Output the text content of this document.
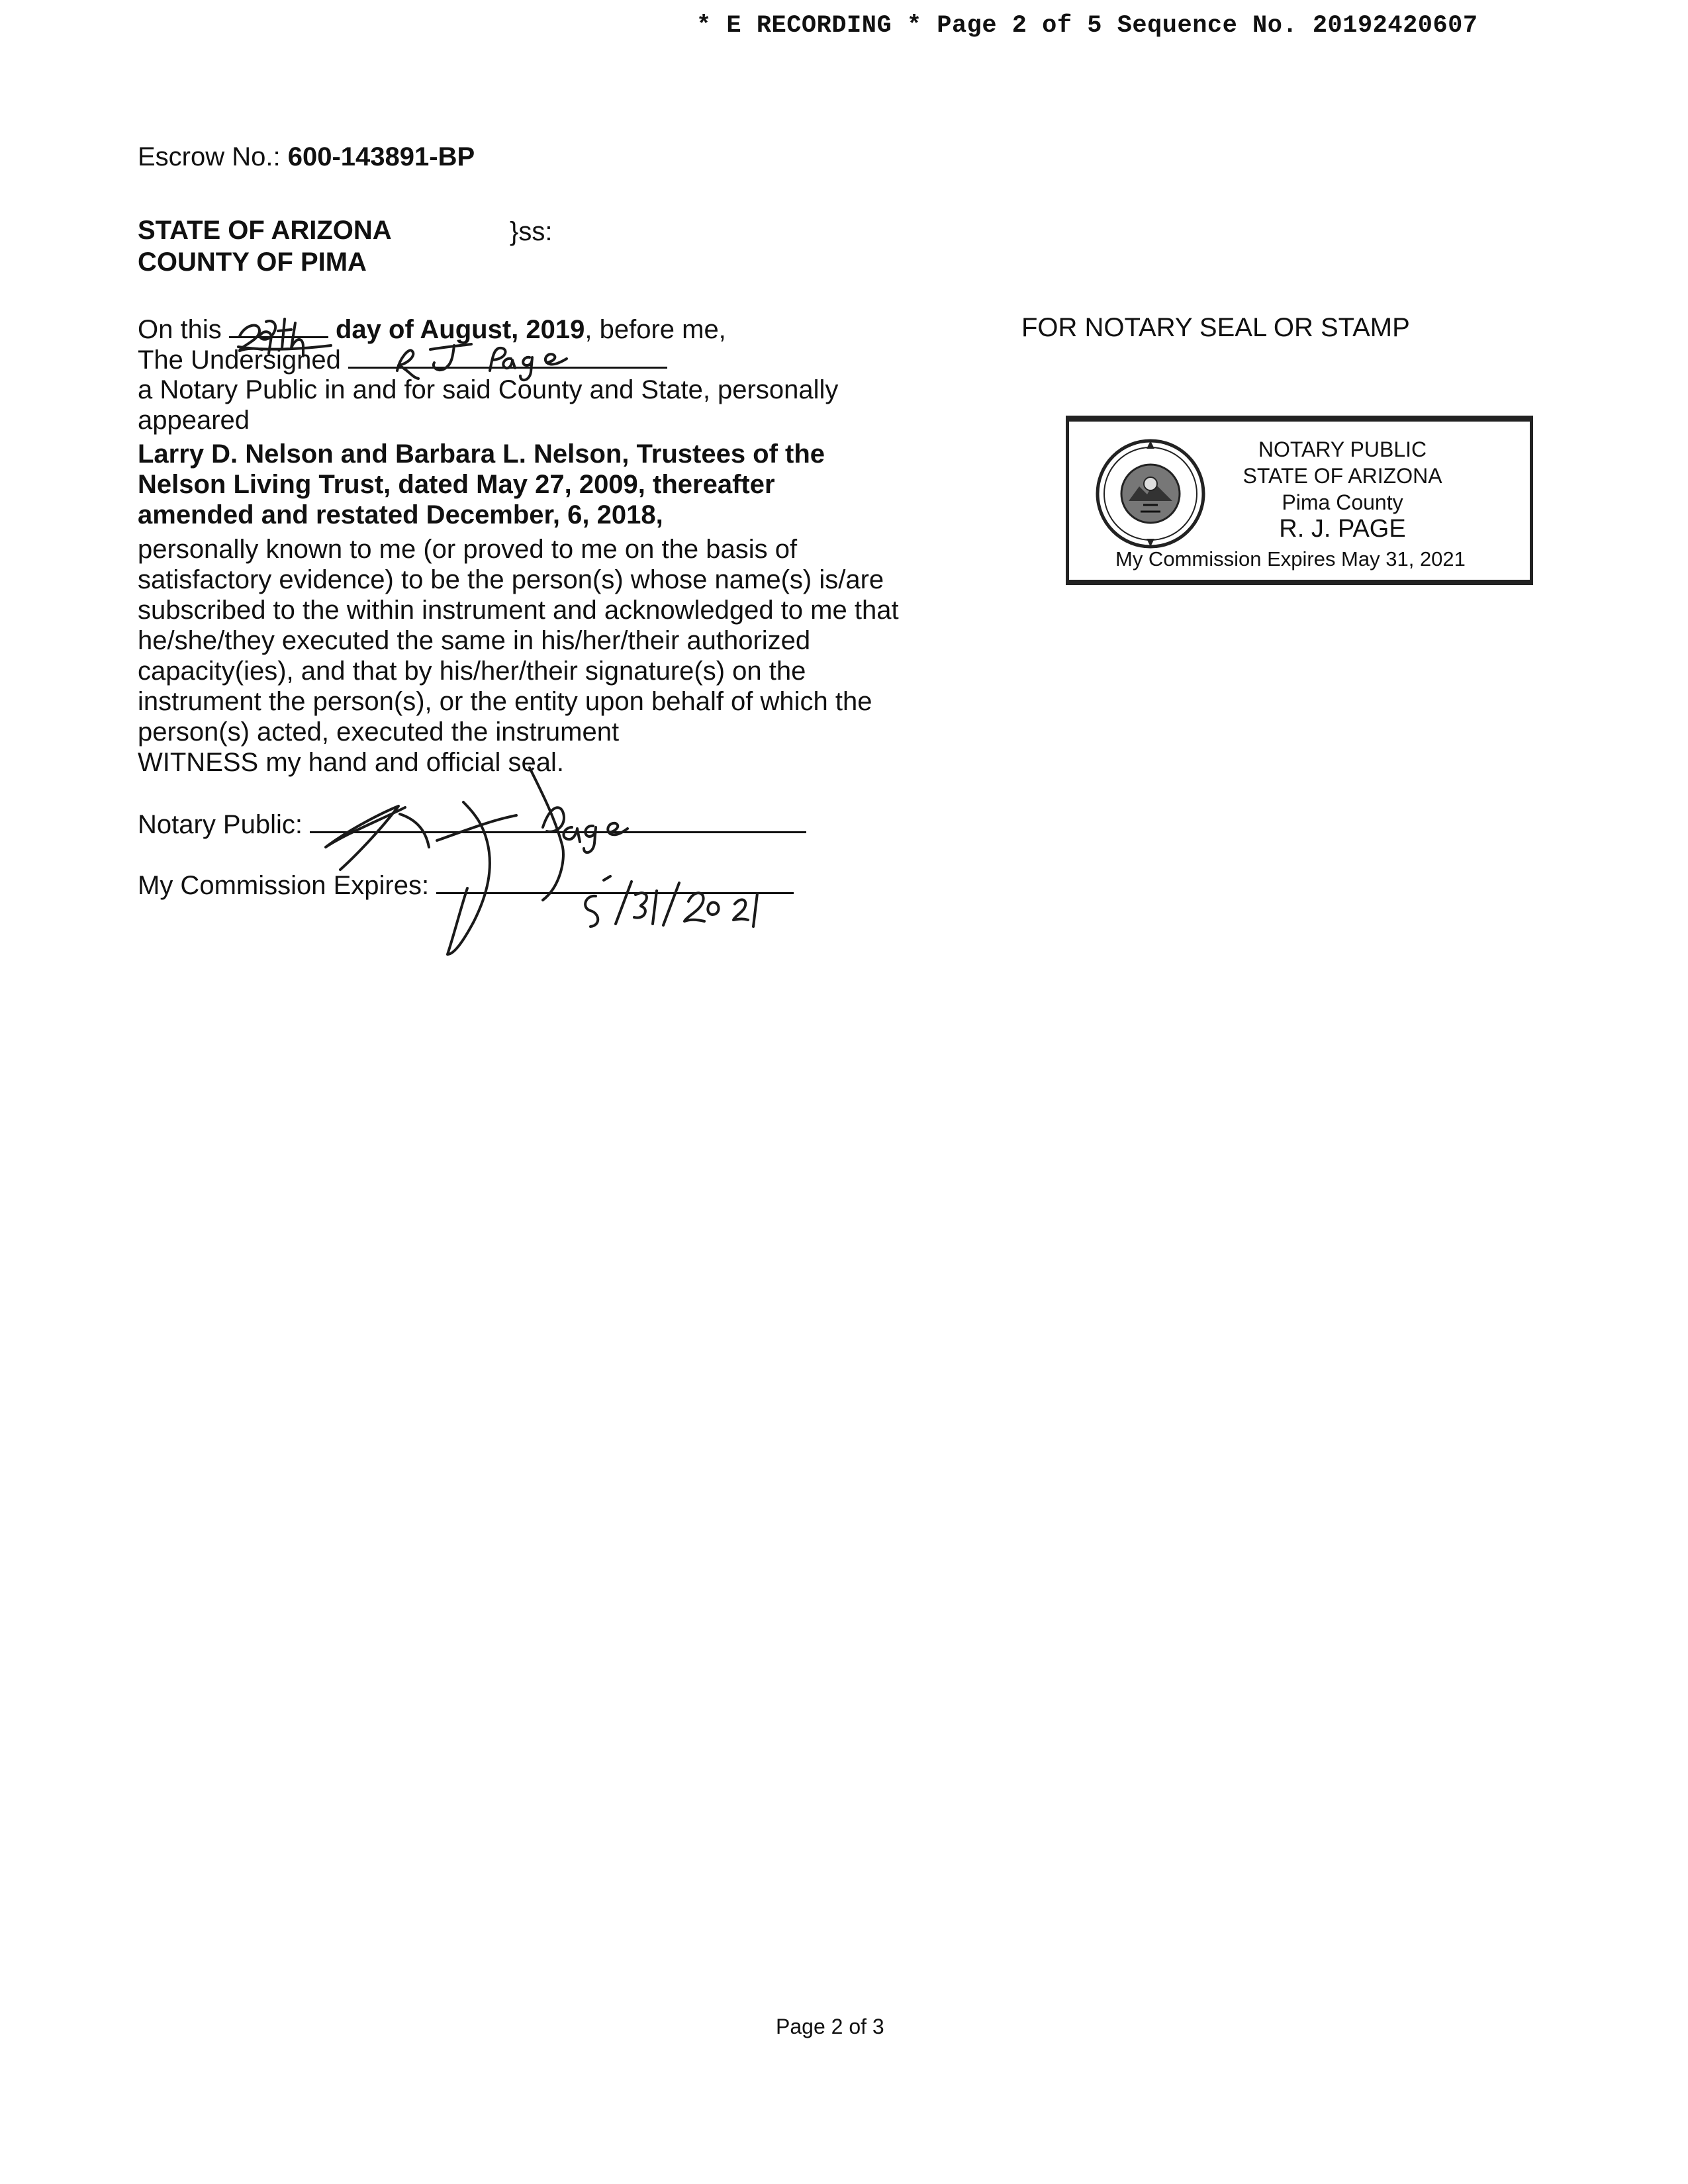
* E RECORDING * Page 2 of 5 Sequence No. 20192420607
Escrow No.: 600-143891-BP
STATE OF ARIZONA	}ss:
COUNTY OF PIMA
On this	day of August, 2019, before me,
The Undersigned
a Notary Public in and for said County and State, personally
appeared
Larry D. Nelson and Barbara L. Nelson, Trustees of the
Nelson Living Trust, dated May 27, 2009, thereafter
amended and restated December, 6, 2018,
personally known to me (or proved to me on the basis of
satisfactory evidence) to be the person(s) whose name(s) is/are
subscribed to the within instrument and acknowledged to me that
he/she/they executed the same in his/her/their authorized
capacity(ies), and that by his/her/their signature(s) on the
instrument the person(s), or the entity upon behalf of which the
person(s) acted, executed the instrument
WITNESS my hand and official seal.
Notary Public:
My Commission Expires:
FOR NOTARY SEAL OR STAMP
NOTARY PUBLIC
STATE OF ARIZONA
Pima County
R. J. PAGE
My Commission Expires May 31, 2021
Page 2 of 3
